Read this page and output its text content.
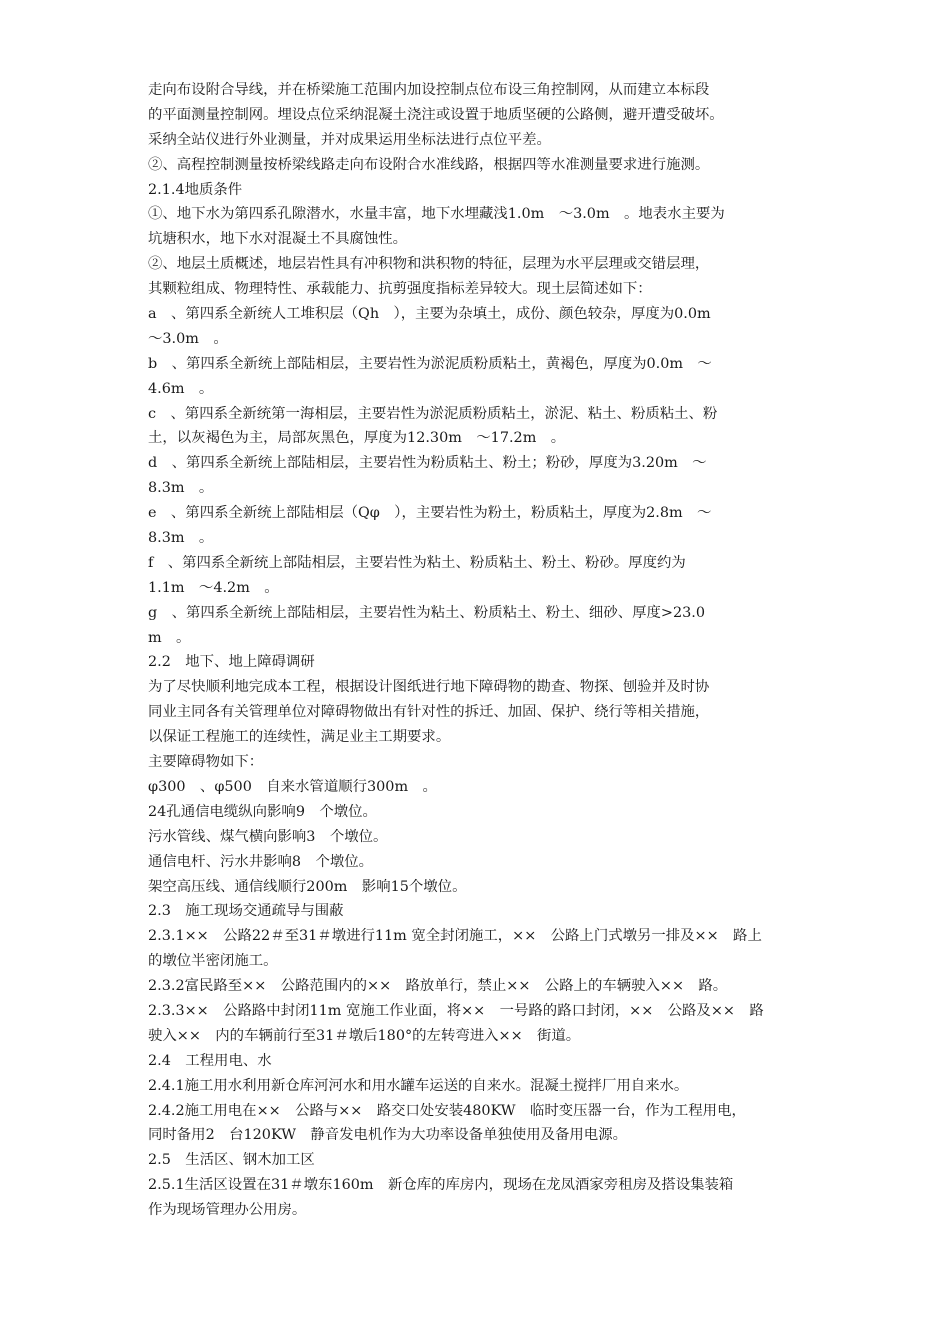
走向布设附合导线，并在桥梁施工范围内加设控制点位布设三角控制网，从而建立本标段
的平面测量控制网。埋设点位采纳混凝土浇注或设置于地质坚硬的公路侧，避开遭受破坏。
采纳全站仪进行外业测量，并对成果运用坐标法进行点位平差。
②、高程控制测量按桥梁线路走向布设附合水准线路，根据四等水准测量要求进行施测。
2.1.4地质条件
①、地下水为第四系孔隙潜水，水量丰富，地下水埋藏浅1.0m　～3.0m　。地表水主要为
坑塘积水，地下水对混凝土不具腐蚀性。
②、地层土质概述，地层岩性具有冲积物和洪积物的特征，层理为水平层理或交错层理，
其颗粒组成、物理特性、承载能力、抗剪强度指标差异较大。现土层简述如下：
a　、第四系全新统人工堆积层（Qh　），主要为杂填土，成份、颜色较杂，厚度为0.0m
～3.0m　。
b　、第四系全新统上部陆相层，主要岩性为淤泥质粉质粘土，黄褐色，厚度为0.0m　～
4.6m　。
c　、第四系全新统第一海相层，主要岩性为淤泥质粉质粘土，淤泥、粘土、粉质粘土、粉
土，以灰褐色为主，局部灰黑色，厚度为12.30m　～17.2m　。
d　、第四系全新统上部陆相层，主要岩性为粉质粘土、粉土；粉砂，厚度为3.20m　～
8.3m　。
e　、第四系全新统上部陆相层（Qφ　），主要岩性为粉土，粉质粘土，厚度为2.8m　～
8.3m　。
f　、第四系全新统上部陆相层，主要岩性为粘土、粉质粘土、粉土、粉砂。厚度约为
1.1m　～4.2m　。
g　、第四系全新统上部陆相层，主要岩性为粘土、粉质粘土、粉土、细砂、厚度>23.0
m　。
2.2　地下、地上障碍调研
为了尽快顺利地完成本工程，根据设计图纸进行地下障碍物的勘查、物探、刨验并及时协
同业主同各有关管理单位对障碍物做出有针对性的拆迁、加固、保护、绕行等相关措施，
以保证工程施工的连续性，满足业主工期要求。
主要障碍物如下：
φ300　、φ500　自来水管道顺行300m　。
24孔通信电缆纵向影响9　个墩位。
污水管线、煤气横向影响3　个墩位。
通信电杆、污水井影响8　个墩位。
架空高压线、通信线顺行200m　影响15个墩位。
2.3　施工现场交通疏导与围蔽
2.3.1××　公路22＃至31＃墩进行11m 宽全封闭施工，××　公路上门式墩另一排及××　路上
的墩位半密闭施工。
2.3.2富民路至××　公路范围内的××　路放单行，禁止××　公路上的车辆驶入××　路。
2.3.3××　公路路中封闭11m 宽施工作业面，将××　一号路的路口封闭，××　公路及××　路
驶入××　内的车辆前行至31＃墩后180°的左转弯进入××　街道。
2.4　工程用电、水
2.4.1施工用水利用新仓库河河水和用水罐车运送的自来水。混凝土搅拌厂用自来水。
2.4.2施工用电在××　公路与××　路交口处安装480KW　临时变压器一台，作为工程用电，
同时备用2　台120KW　静音发电机作为大功率设备单独使用及备用电源。
2.5　生活区、钢木加工区
2.5.1生活区设置在31＃墩东160m　新仓库的库房内，现场在龙凤酒家旁租房及搭设集装箱
作为现场管理办公用房。
